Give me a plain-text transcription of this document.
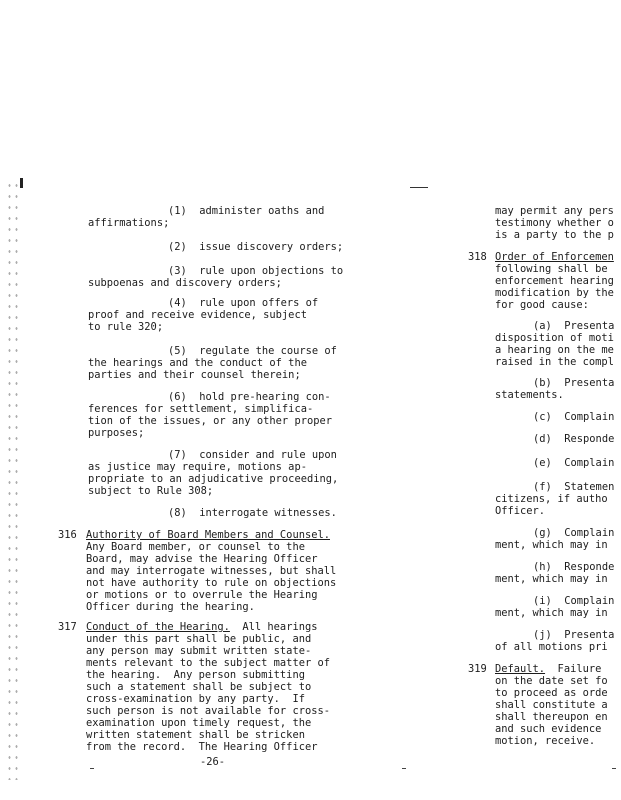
(1)  administer oaths and
affirmations;
(2)  issue discovery orders;
(3)  rule upon objections to
subpoenas and discovery orders;
(4)  rule upon offers of
proof and receive evidence, subject
to rule 320;
(5)  regulate the course of
the hearings and the conduct of the
parties and their counsel therein;
(6)  hold pre-hearing con-
ferences for settlement, simplifica-
tion of the issues, or any other proper
purposes;
(7)  consider and rule upon
as justice may require, motions ap-
propriate to an adjudicative proceeding,
subject to Rule 308;
(8)  interrogate witnesses.
316 Authority of Board Members and Counsel.
Any Board member, or counsel to the
Board, may advise the Hearing Officer
and may interrogate witnesses, but shall
not have authority to rule on objections
or motions or to overrule the Hearing
Officer during the hearing.
317 Conduct of the Hearing.  All hearings
under this part shall be public, and
any person may submit written state-
ments relevant to the subject matter of
the hearing.  Any person submitting
such a statement shall be subject to
cross-examination by any party.  If
such person is not available for cross-
examination upon timely request, the
written statement shall be stricken
from the record.  The Hearing Officer
may permit any pers
testimony whether o
is a party to the p
318 Order of Enforcemen
following shall be
enforcement hearing
modification by the
for good cause:
(a)  Presenta
disposition of moti
a hearing on the me
raised in the compl
(b)  Presenta
statements.
(c)  Complain
(d)  Responde
(e)  Complain
(f)  Statemen
citizens, if autho
Officer.
(g)  Complain
ment, which may in
(h)  Responde
ment, which may in
(i)  Complain
ment, which may in
(j)  Presenta
of all motions pri
319 Default.  Failure
on the date set fo
to proceed as orde
shall constitute a
shall thereupon en
and such evidence
motion, receive.
-26-
